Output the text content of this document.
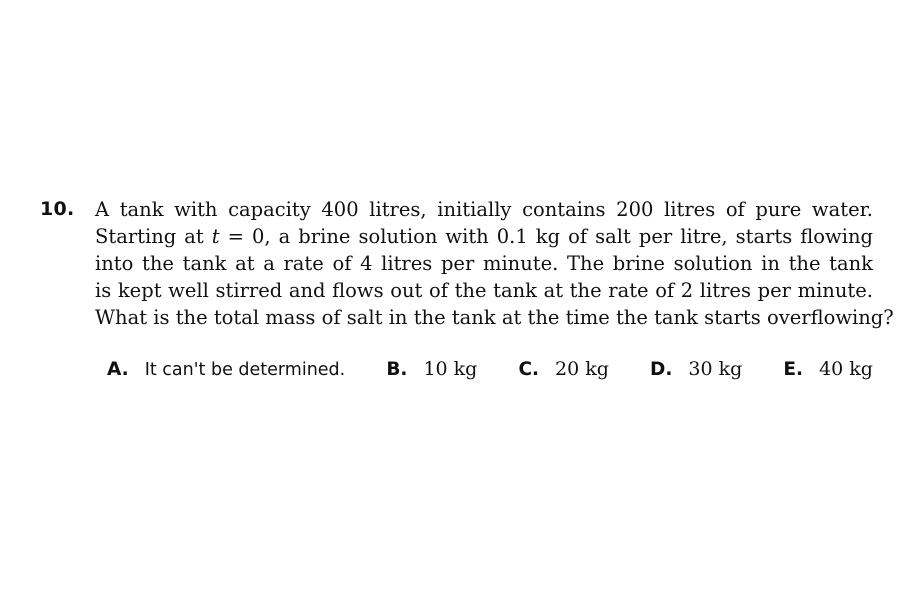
10. A tank with capacity 400 litres, initially contains 200 litres of pure water.
Starting at t = 0, a brine solution with 0.1 kg of salt per litre, starts flowing
into the tank at a rate of 4 litres per minute. The brine solution in the tank
is kept well stirred and flows out of the tank at the rate of 2 litres per minute.
What is the total mass of salt in the tank at the time the tank starts overflowing?
A. It can't be determined. B. 10 kg C. 20 kg D. 30 kg E. 40 kg
